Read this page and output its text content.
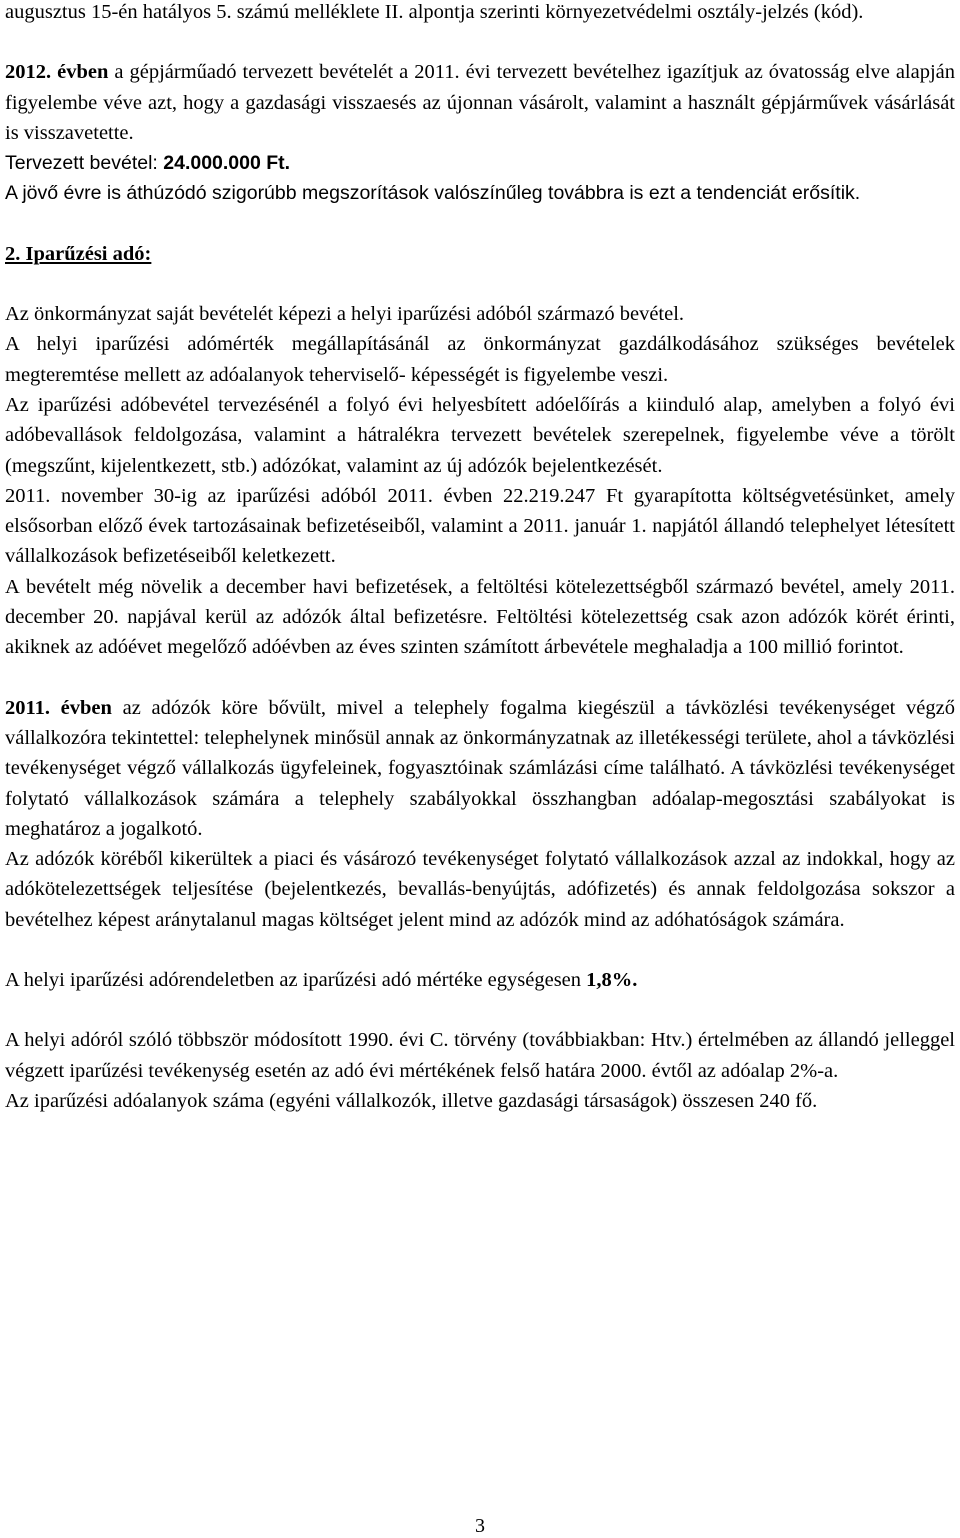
augusztus 15-én hatályos 5. számú melléklete II. alpontja szerinti környezetvédelmi osztály-jelzés (kód).

2012. évben a gépjárműadó tervezett bevételét a 2011. évi tervezett bevételhez igazítjuk az óvatosság elve alapján figyelembe véve azt, hogy a gazdasági visszaesés az újonnan vásárolt, valamint a használt gépjárművek vásárlását is visszavetette.

Tervezett bevétel: 24.000.000 Ft.

A jövő évre is áthúzódó szigorúbb megszorítások valószínűleg továbbra is ezt a tendenciát erősítik.

2. Iparűzési adó:

Az önkormányzat saját bevételét képezi a helyi iparűzési adóból származó bevétel.

A helyi iparűzési adómérték megállapításánál az önkormányzat gazdálkodásához szükséges bevételek megteremtése mellett az adóalanyok teherviselő- képességét is figyelembe veszi.

Az iparűzési adóbevétel tervezésénél a folyó évi helyesbített adóelőírás a kiinduló alap, amelyben a folyó évi adóbevallások feldolgozása, valamint a hátralékra tervezett bevételek szerepelnek, figyelembe véve a törölt (megszűnt, kijelentkezett, stb.) adózókat, valamint az új adózók bejelentkezését.

2011. november 30-ig az iparűzési adóból 2011. évben 22.219.247 Ft gyarapította költségvetésünket, amely elsősorban előző évek tartozásainak befizetéseiből, valamint a 2011. január 1. napjától állandó telephelyet létesített vállalkozások befizetéseiből keletkezett.

A bevételt még növelik a december havi befizetések, a feltöltési kötelezettségből származó bevétel, amely 2011. december 20. napjával kerül az adózók által befizetésre. Feltöltési kötelezettség csak azon adózók körét érinti, akiknek az adóévet megelőző adóévben az éves szinten számított árbevétele meghaladja a 100 millió forintot.

2011. évben az adózók köre bővült, mivel a telephely fogalma kiegészül a távközlési tevékenységet végző vállalkozóra tekintettel: telephelynek minősül annak az önkormányzatnak az illetékességi területe, ahol a távközlési tevékenységet végző vállalkozás ügyfeleinek, fogyasztóinak számlázási címe található. A távközlési tevékenységet folytató vállalkozások számára a telephely szabályokkal összhangban adóalap-megosztási szabályokat is meghatároz a jogalkotó.

Az adózók köréből kikerültek a piaci és vásározó tevékenységet folytató vállalkozások azzal az indokkal, hogy az adókötelezettségek teljesítése (bejelentkezés, bevallás-benyújtás, adófizetés) és annak feldolgozása sokszor a bevételhez képest aránytalanul magas költséget jelent mind az adózók mind az adóhatóságok számára.

A helyi iparűzési adórendeletben az iparűzési adó mértéke egységesen 1,8%.

A helyi adóról szóló többször módosított 1990. évi C. törvény (továbbiakban: Htv.) értelmében az állandó jelleggel végzett iparűzési tevékenység esetén az adó évi mértékének felső határa 2000. évtől az adóalap 2%-a.

Az iparűzési adóalanyok száma (egyéni vállalkozók, illetve gazdasági társaságok) összesen 240 fő.

3
